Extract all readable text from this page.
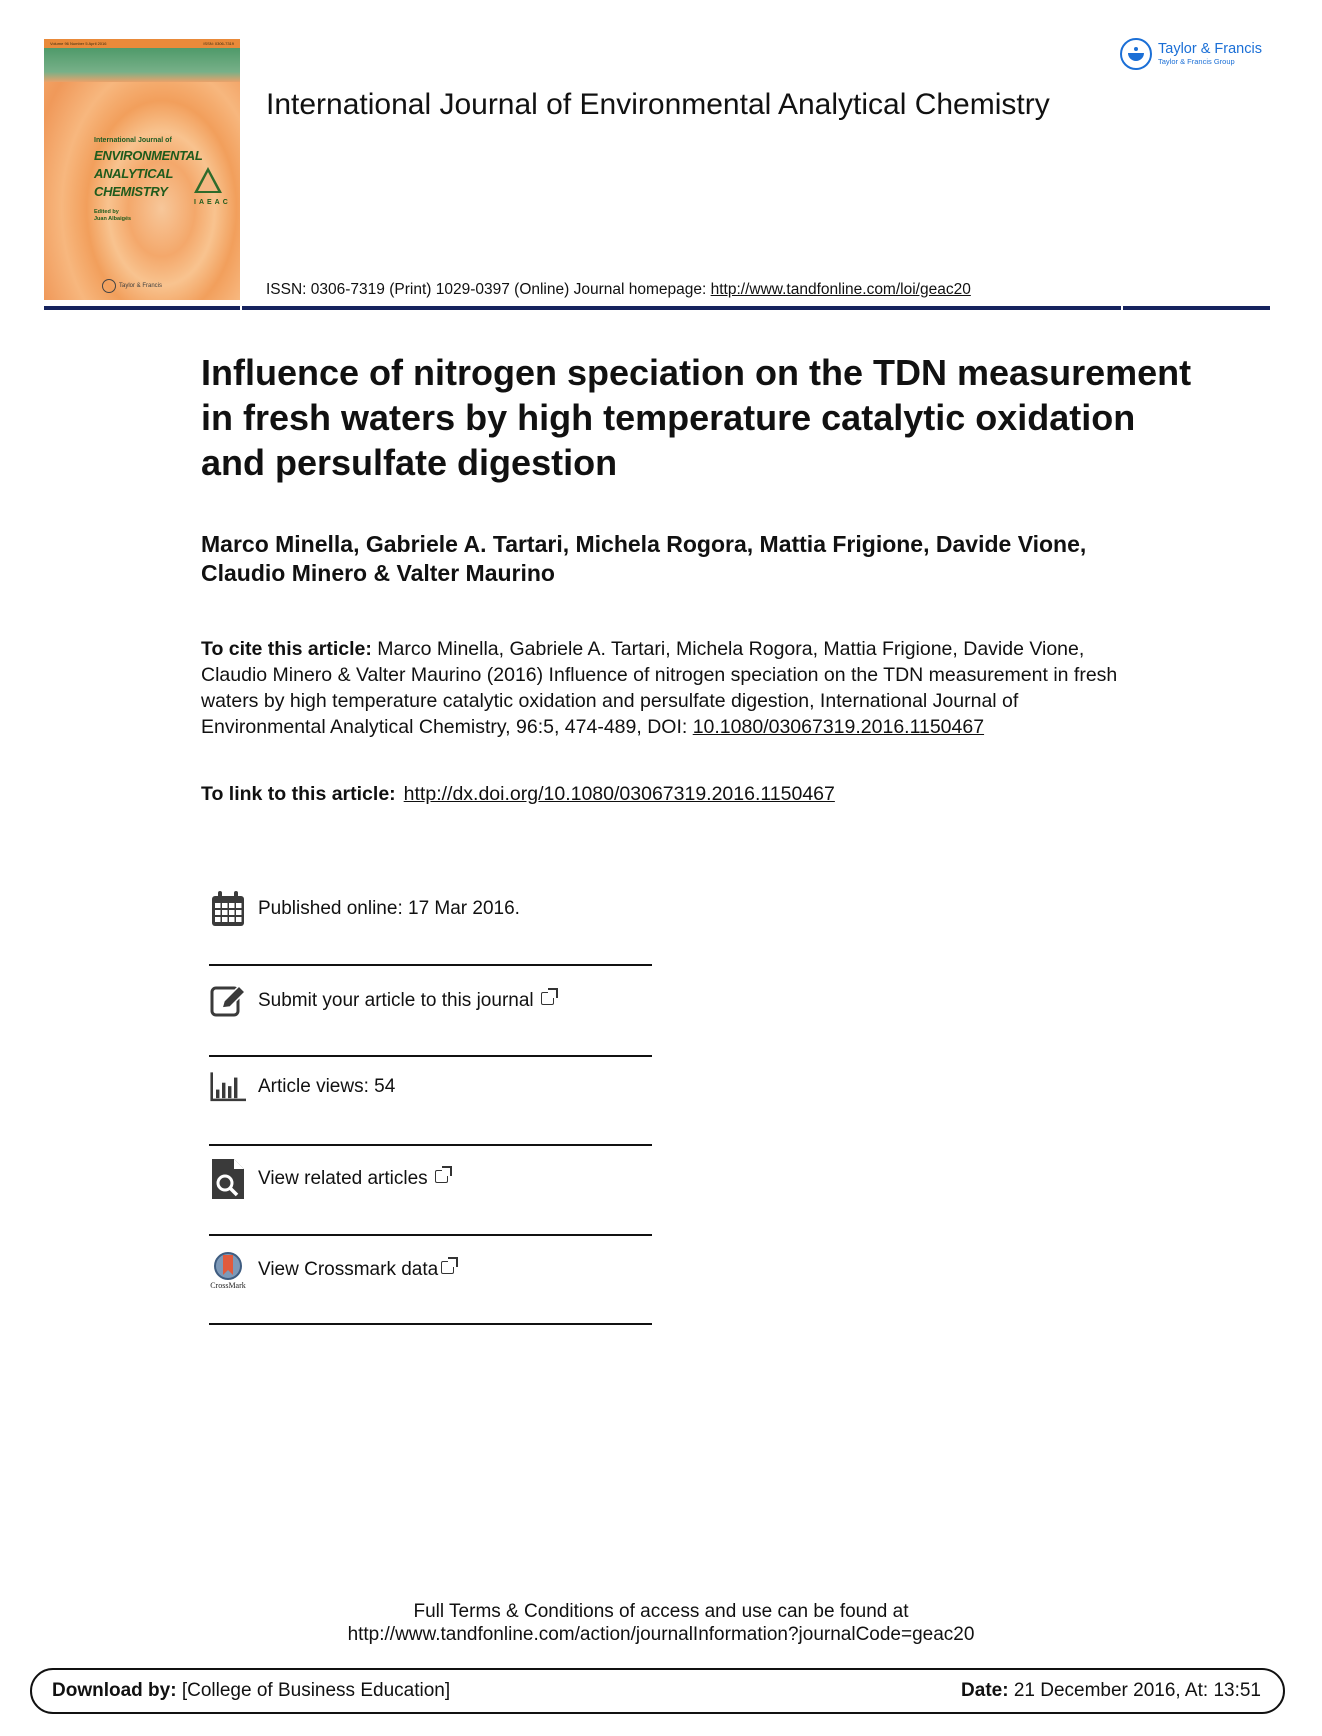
Volume 96 Number 5 April 2016	ISSN: 0306-7319
International Journal of
ENVIRONMENTAL
ANALYTICAL
CHEMISTRY
IAEAC
Edited by
Juan Albaigés
Taylor & Francis
International Journal of Environmental Analytical Chemistry
ISSN: 0306-7319 (Print) 1029-0397 (Online) Journal homepage: http://www.tandfonline.com/loi/geac20
Taylor & Francis
Taylor & Francis Group
Influence of nitrogen speciation on the TDN measurement in fresh waters by high temperature catalytic oxidation and persulfate digestion
Marco Minella, Gabriele A. Tartari, Michela Rogora, Mattia Frigione, Davide Vione, Claudio Minero & Valter Maurino
To cite this article: Marco Minella, Gabriele A. Tartari, Michela Rogora, Mattia Frigione, Davide Vione, Claudio Minero & Valter Maurino (2016) Influence of nitrogen speciation on the TDN measurement in fresh waters by high temperature catalytic oxidation and persulfate digestion, International Journal of Environmental Analytical Chemistry, 96:5, 474-489, DOI: 10.1080/03067319.2016.1150467
To link to this article: http://dx.doi.org/10.1080/03067319.2016.1150467
Published online: 17 Mar 2016.
Submit your article to this journal
Article views: 54
View related articles
CrossMark
View Crossmark data
Full Terms & Conditions of access and use can be found at
http://www.tandfonline.com/action/journalInformation?journalCode=geac20
Download by: [College of Business Education]	Date: 21 December 2016, At: 13:51
